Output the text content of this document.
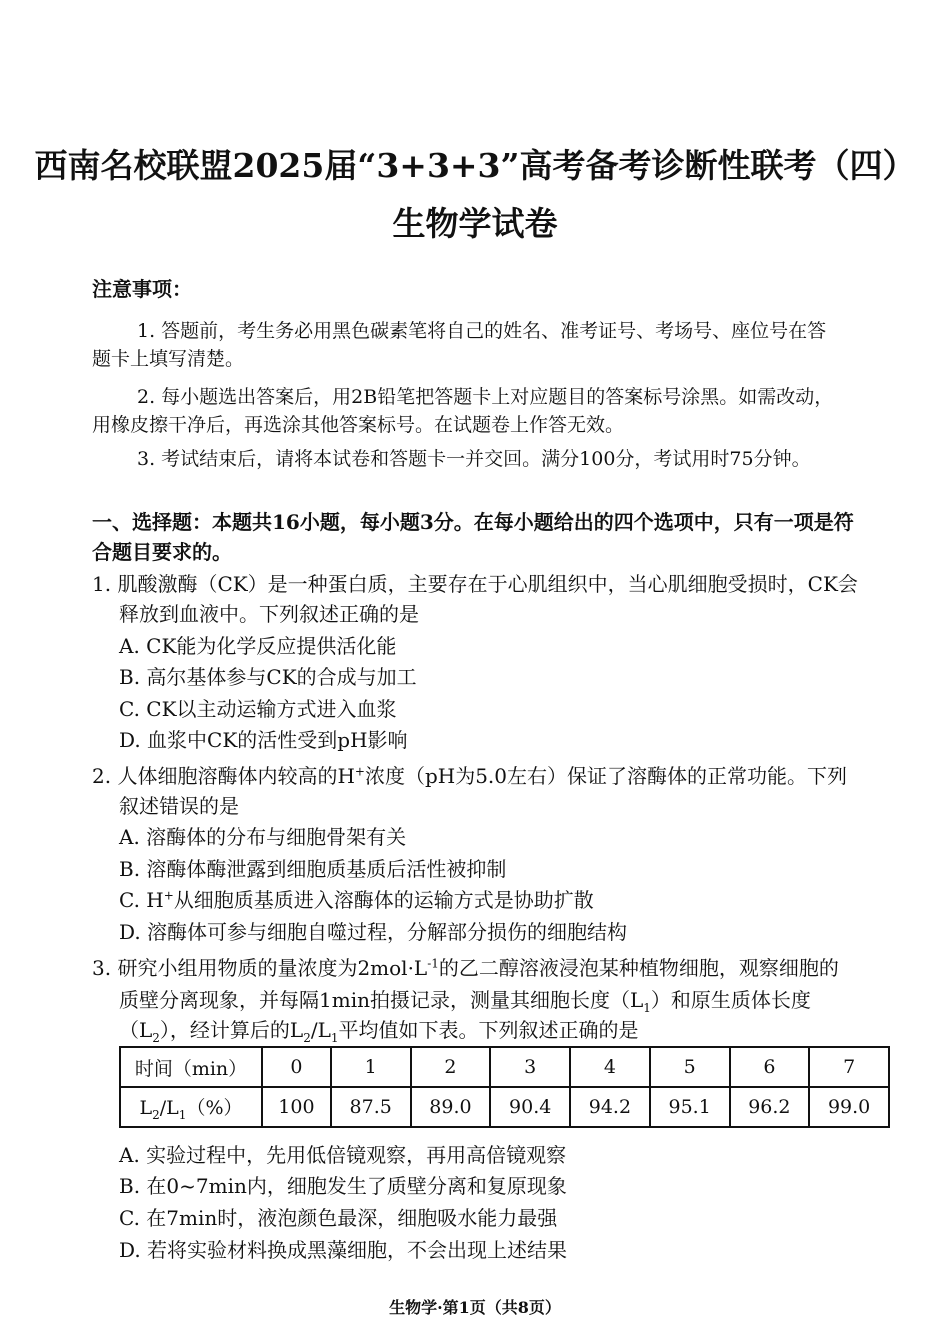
西南名校联盟2025届“3+3+3”高考备考诊断性联考（四）
生物学试卷
注意事项：
1. 答题前，考生务必用黑色碳素笔将自己的姓名、准考证号、考场号、座位号在答
题卡上填写清楚。
2. 每小题选出答案后，用2B铅笔把答题卡上对应题目的答案标号涂黑。如需改动，
用橡皮擦干净后，再选涂其他答案标号。在试题卷上作答无效。
3. 考试结束后，请将本试卷和答题卡一并交回。满分100分，考试用时75分钟。
一、选择题：本题共16小题，每小题3分。在每小题给出的四个选项中，只有一项是符
合题目要求的。
1. 肌酸激酶（CK）是一种蛋白质，主要存在于心肌组织中，当心肌细胞受损时，CK会
释放到血液中。下列叙述正确的是
A. CK能为化学反应提供活化能
B. 高尔基体参与CK的合成与加工
C. CK以主动运输方式进入血浆
D. 血浆中CK的活性受到pH影响
2. 人体细胞溶酶体内较高的H+浓度（pH为5.0左右）保证了溶酶体的正常功能。下列
叙述错误的是
A. 溶酶体的分布与细胞骨架有关
B. 溶酶体酶泄露到细胞质基质后活性被抑制
C. H+从细胞质基质进入溶酶体的运输方式是协助扩散
D. 溶酶体可参与细胞自噬过程，分解部分损伤的细胞结构
3. 研究小组用物质的量浓度为$2mol\cdot L^{-1}$的乙二醇溶液浸泡某种植物细胞，观察细胞的
质壁分离现象，并每隔1min拍摄记录，测量其细胞长度$(L_1)$和原生质体长度
$(L_2)$，经计算后的$L_2/L_1$平均值如下表。下列叙述正确的是
时间（min）	0	1	2	3	4	5	6	7
$L_2/L_1(\%)$	100	87.5	89.0	90.4	94.2	95.1	96.2	99.0
A. 实验过程中，先用低倍镜观察，再用高倍镜观察
B. 在0~7min内，细胞发生了质壁分离和复原现象
C. 在7min时，液泡颜色最深，细胞吸水能力最强
D. 若将实验材料换成黑藻细胞，不会出现上述结果
生物学·第1页（共8页）
